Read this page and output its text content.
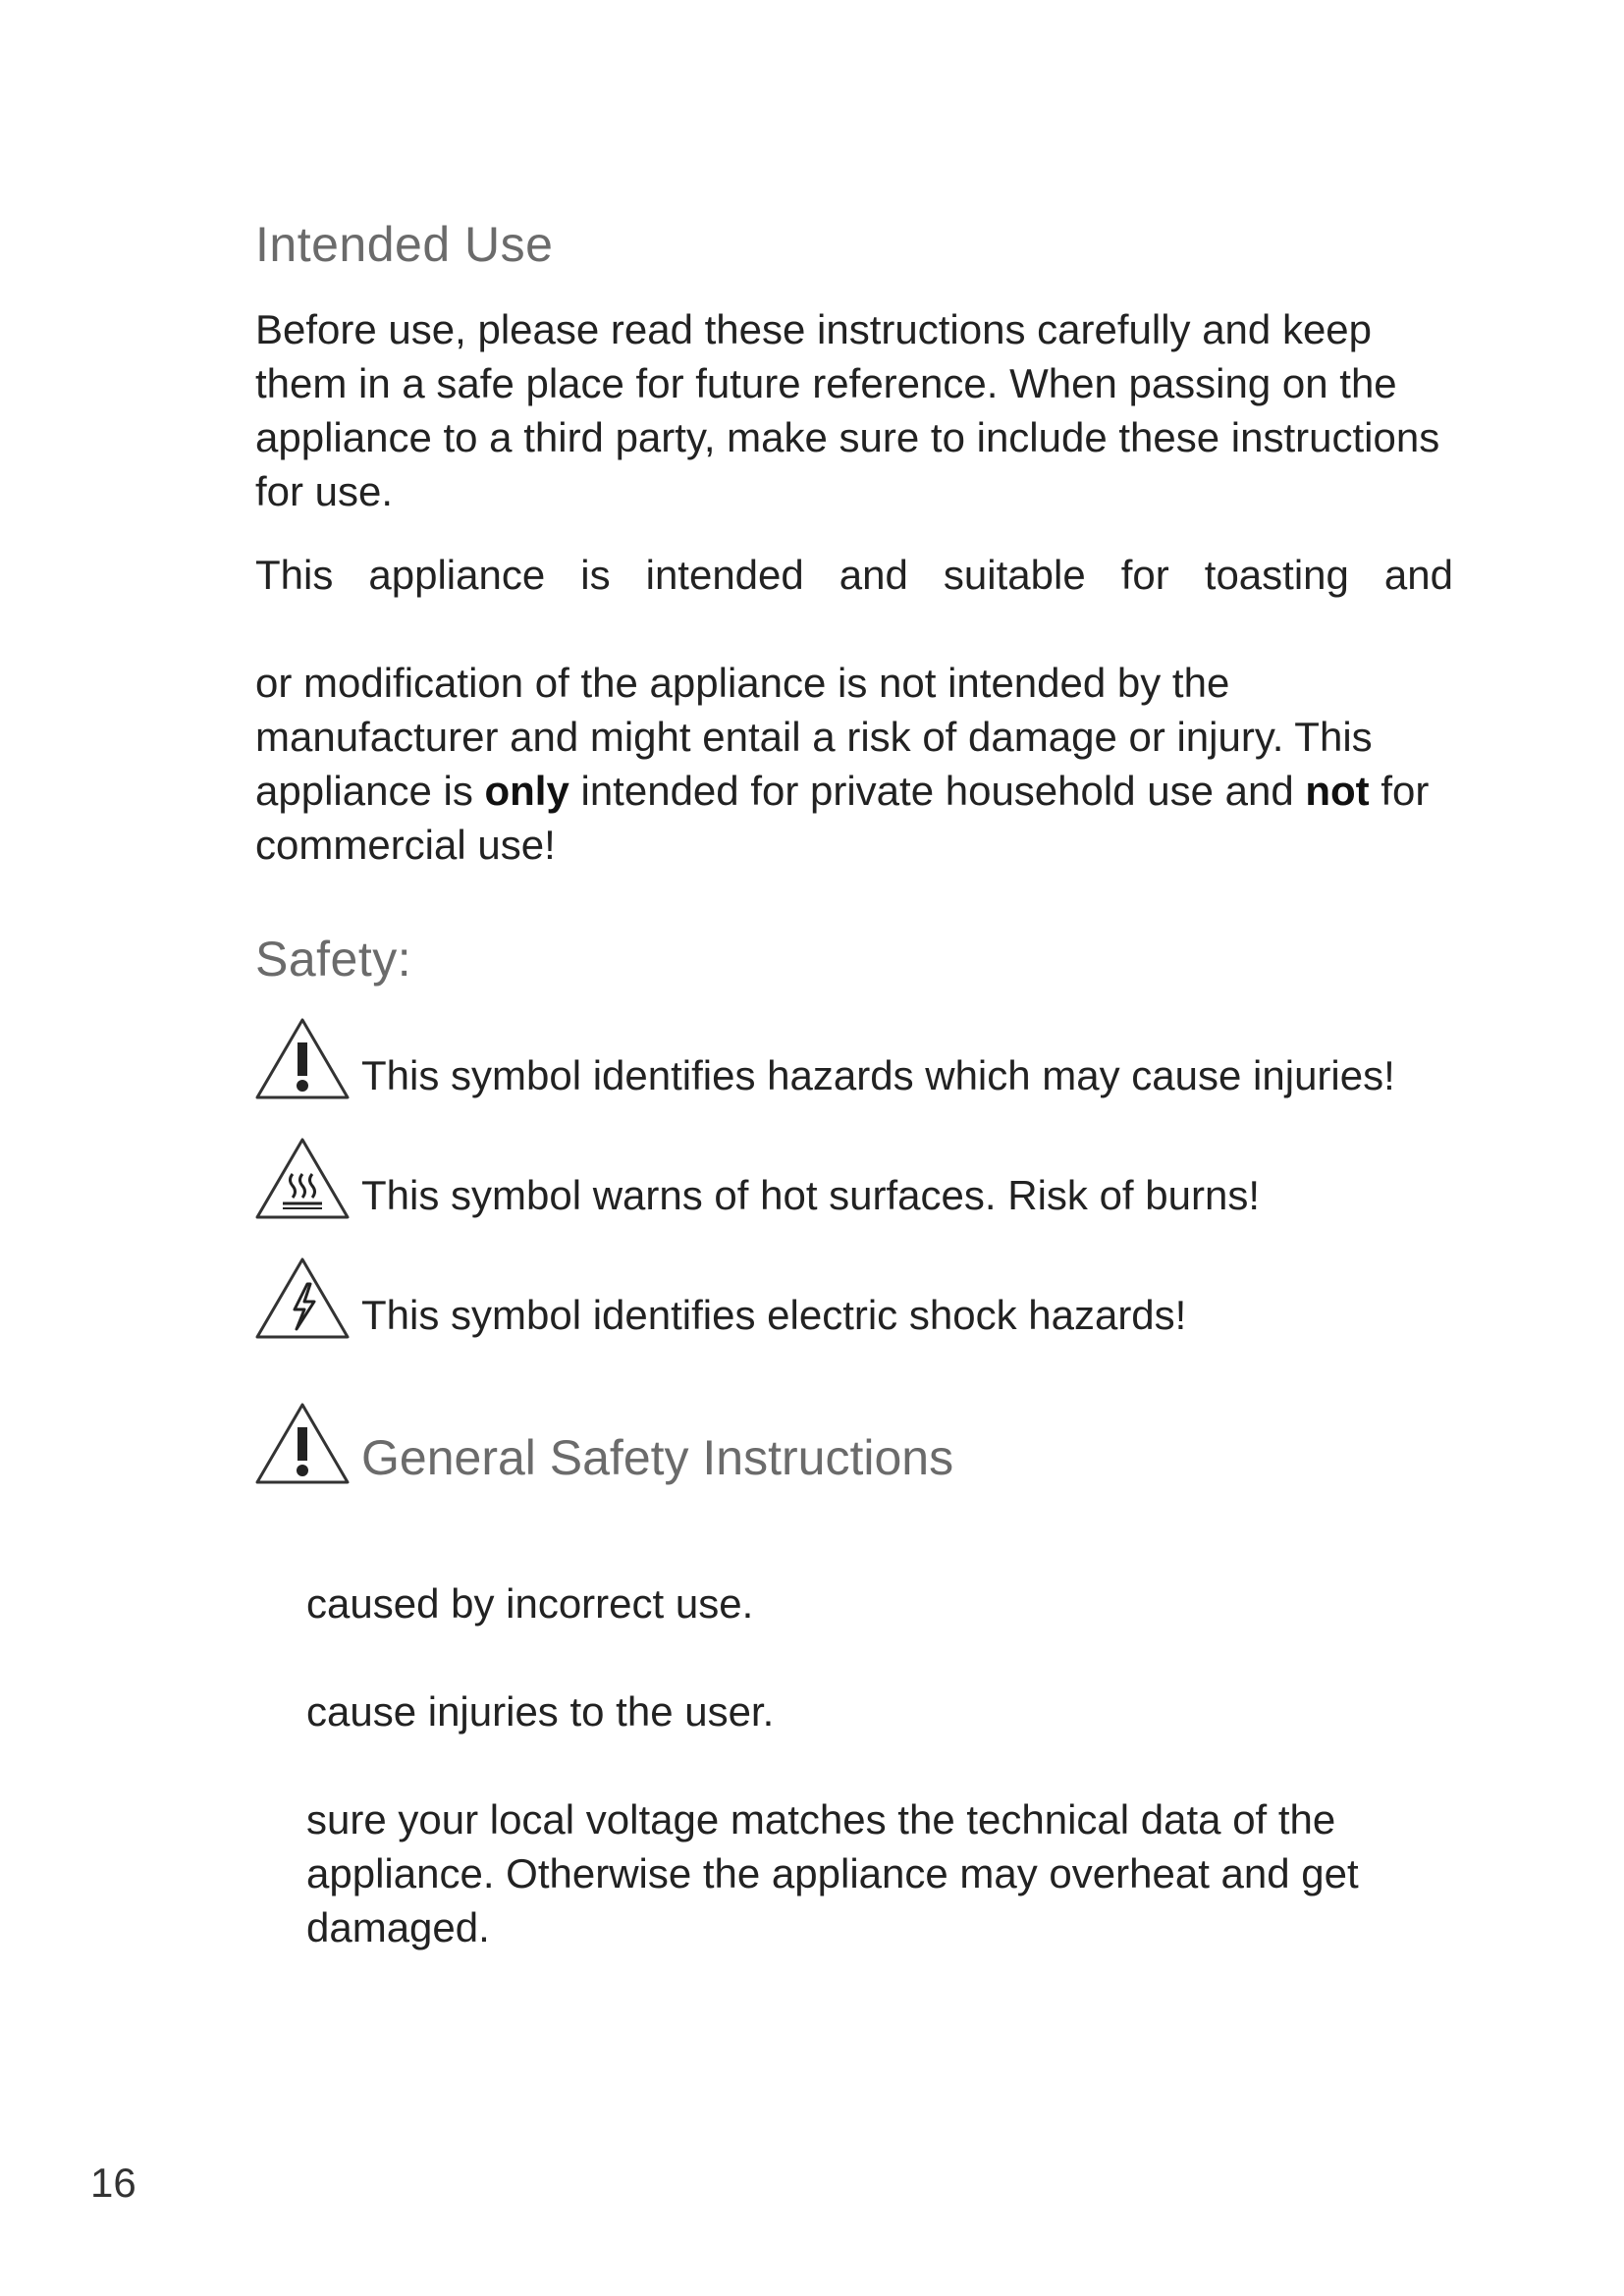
Intended Use

Before use, please read these instructions carefully and keep them in a safe place for future reference. When passing on the appliance to a third party, make sure to include these instructions for use.

This appliance is intended and suitable for toasting and

or modification of the appliance is not intended by the manufacturer and might entail a risk of damage or injury. This appliance is only intended for private household use and not for commercial use!

Safety:
This symbol identifies hazards which may cause injuries!
This symbol warns of hot surfaces. Risk of burns!
This symbol identifies electric shock hazards!
General Safety Instructions

caused by incorrect use.

cause injuries to the user.

sure your local voltage matches the technical data of the appliance. Otherwise the appliance may overheat and get damaged.

16
